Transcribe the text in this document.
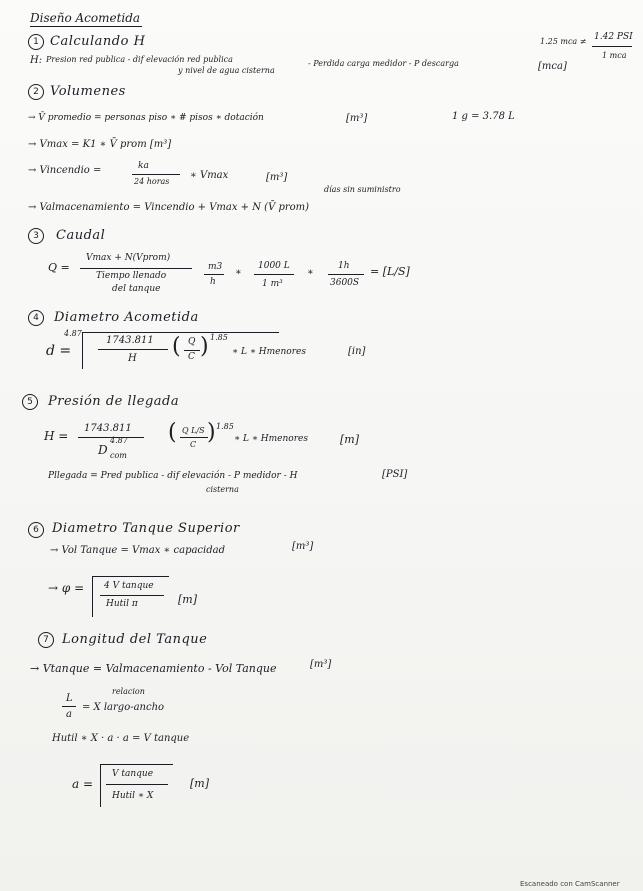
Diseño Acometida
1 Calculando H
H: Presion red publica - dif elevación red publica
y nivel de agua cisterna
- Perdida carga medidor - P descarga	[mca]
1.25 mca ≠ 1.42 PSI
1 mca
2 Volumenes
→ V̄ promedio = personas piso ∗ # pisos ∗ dotación	[m³]	1 g = 3.78 L
→ Vmax = K1 ∗ V̄ prom [m³]
→ Vincendio =	ka
24 horas
∗ Vmax	[m³]
días sin suministro
→ Valmacenamiento = Vincendio + Vmax + N (V̄ prom)
3	Caudal
Q =
Vmax + N(Vprom)
Tiempo llenado
del tanque
m3
h
∗
1000 L
1 m³
∗
1h
3600S
= [L/S]
4	Diametro Acometida
4.87
d =
1743.811
H ( Q
C ) 1.85
∗ L ∗ Hmenores	[in]
5	Presión de llegada
H =
1743.811
D
4.87
com
( Q L/S
C ) 1.85
∗ L ∗ Hmenores	[m]
Pllegada = Pred publica - dif elevación - P medidor - H
cisterna
[PSI]
6	Diametro Tanque Superior
→ Vol Tanque = Vmax ∗ capacidad	[m³]
→ φ = 4 V tanque
Hutil π	[m]
7	Longitud del Tanque
→ Vtanque = Valmacenamiento - Vol Tanque	[m³]
relacion
L
a
= X largo-ancho
Hutil ∗ X · a · a = V tanque
a =
V tanque
Hutil ∗ X
[m]
Escaneado con CamScanner
